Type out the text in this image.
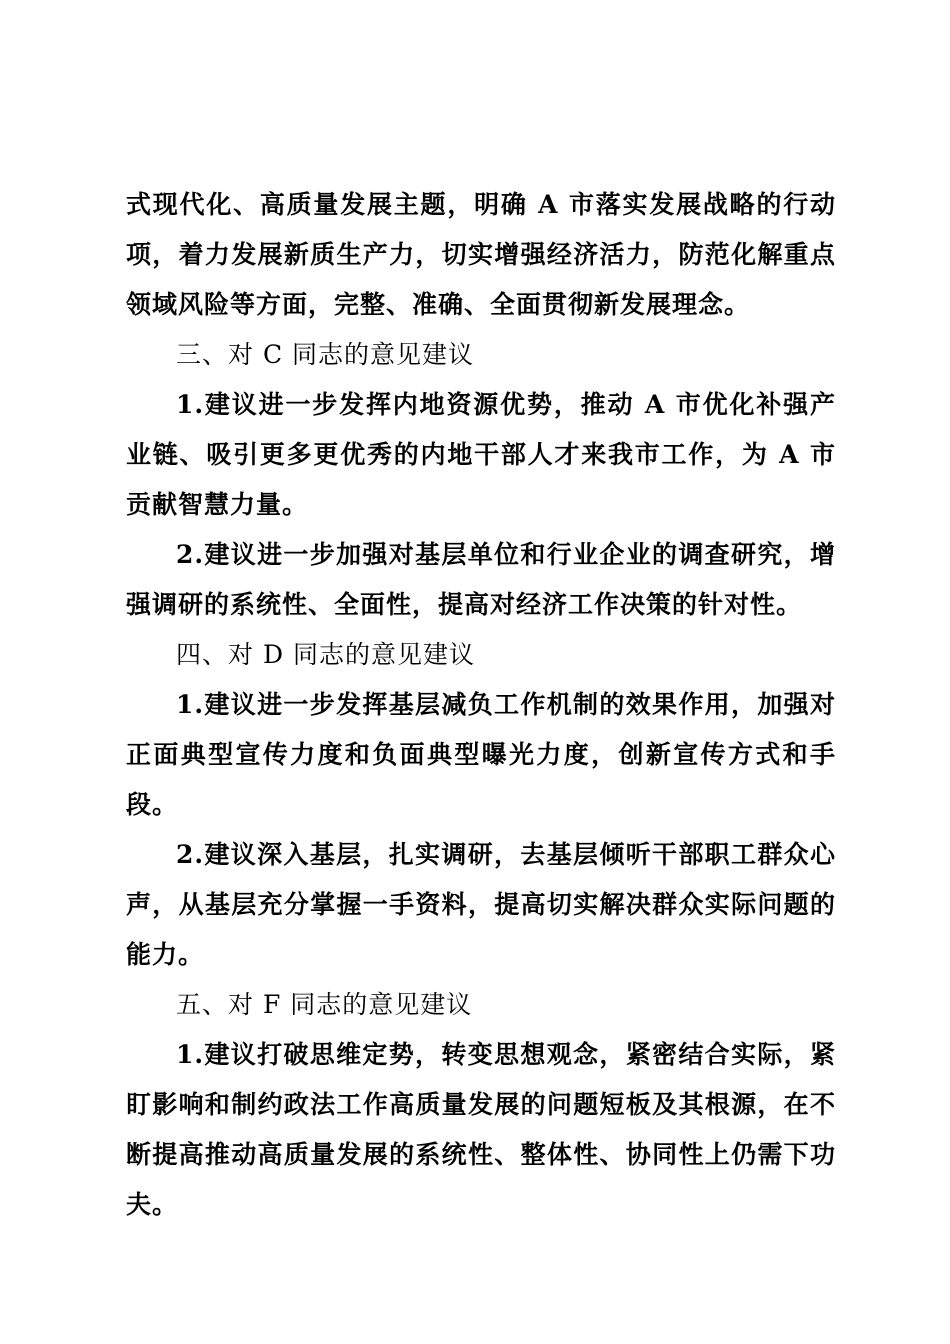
式现代化、高质量发展主题，明确 A 市落实发展战略的行动项，着力发展新质生产力，切实增强经济活力，防范化解重点领域风险等方面，完整、准确、全面贯彻新发展理念。

三、对 C 同志的意见建议

1.建议进一步发挥内地资源优势，推动 A 市优化补强产业链、吸引更多更优秀的内地干部人才来我市工作，为 A 市贡献智慧力量。

2.建议进一步加强对基层单位和行业企业的调查研究，增强调研的系统性、全面性，提高对经济工作决策的针对性。

四、对 D 同志的意见建议

1.建议进一步发挥基层减负工作机制的效果作用，加强对正面典型宣传力度和负面典型曝光力度，创新宣传方式和手段。

2.建议深入基层，扎实调研，去基层倾听干部职工群众心声，从基层充分掌握一手资料，提高切实解决群众实际问题的能力。

五、对 F 同志的意见建议

1.建议打破思维定势，转变思想观念，紧密结合实际，紧盯影响和制约政法工作高质量发展的问题短板及其根源，在不断提高推动高质量发展的系统性、整体性、协同性上仍需下功夫。
